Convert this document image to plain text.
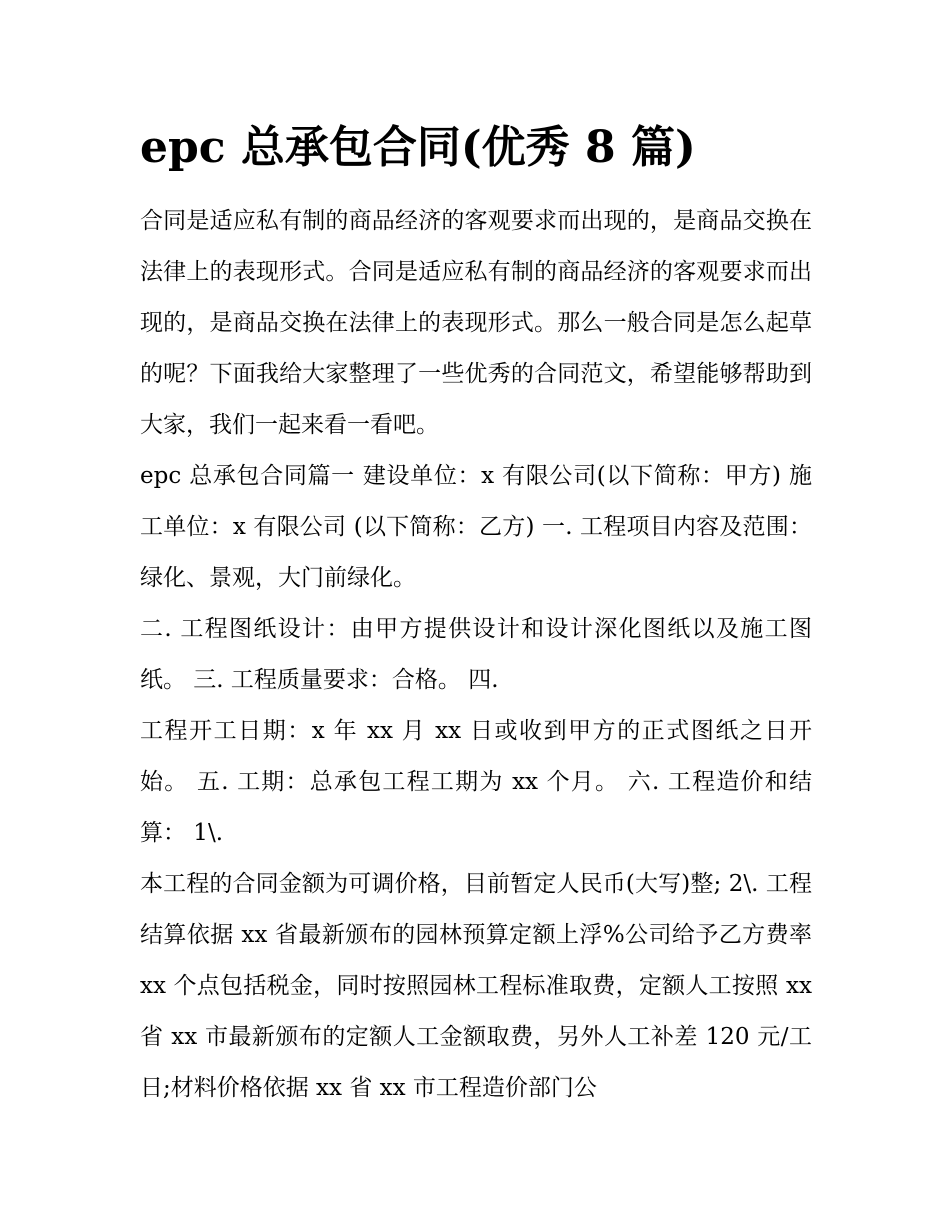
epc 总承包合同(优秀 8 篇)

合同是适应私有制的商品经济的客观要求而出现的，是商品交换在法律上的表现形式。合同是适应私有制的商品经济的客观要求而出现的，是商品交换在法律上的表现形式。那么一般合同是怎么起草的呢？下面我给大家整理了一些优秀的合同范文，希望能够帮助到大家，我们一起来看一看吧。

epc 总承包合同篇一 建设单位：x 有限公司(以下简称：甲方) 施工单位：x 有限公司 (以下简称：乙方) 一. 工程项目内容及范围：绿化、景观，大门前绿化。

二. 工程图纸设计：由甲方提供设计和设计深化图纸以及施工图纸。 三. 工程质量要求：合格。 四.

工程开工日期：x 年 xx 月 xx 日或收到甲方的正式图纸之日开始。 五. 工期：总承包工程工期为 xx 个月。 六. 工程造价和结算： 1\.

本工程的合同金额为可调价格，目前暂定人民币(大写)整; 2\. 工程结算依据 xx 省最新颁布的园林预算定额上浮%公司给予乙方费率 xx 个点包括税金，同时按照园林工程标准取费，定额人工按照 xx 省 xx 市最新颁布的定额人工金额取费，另外人工补差 120 元/工日;材料价格依据 xx 省 xx 市工程造价部门公
